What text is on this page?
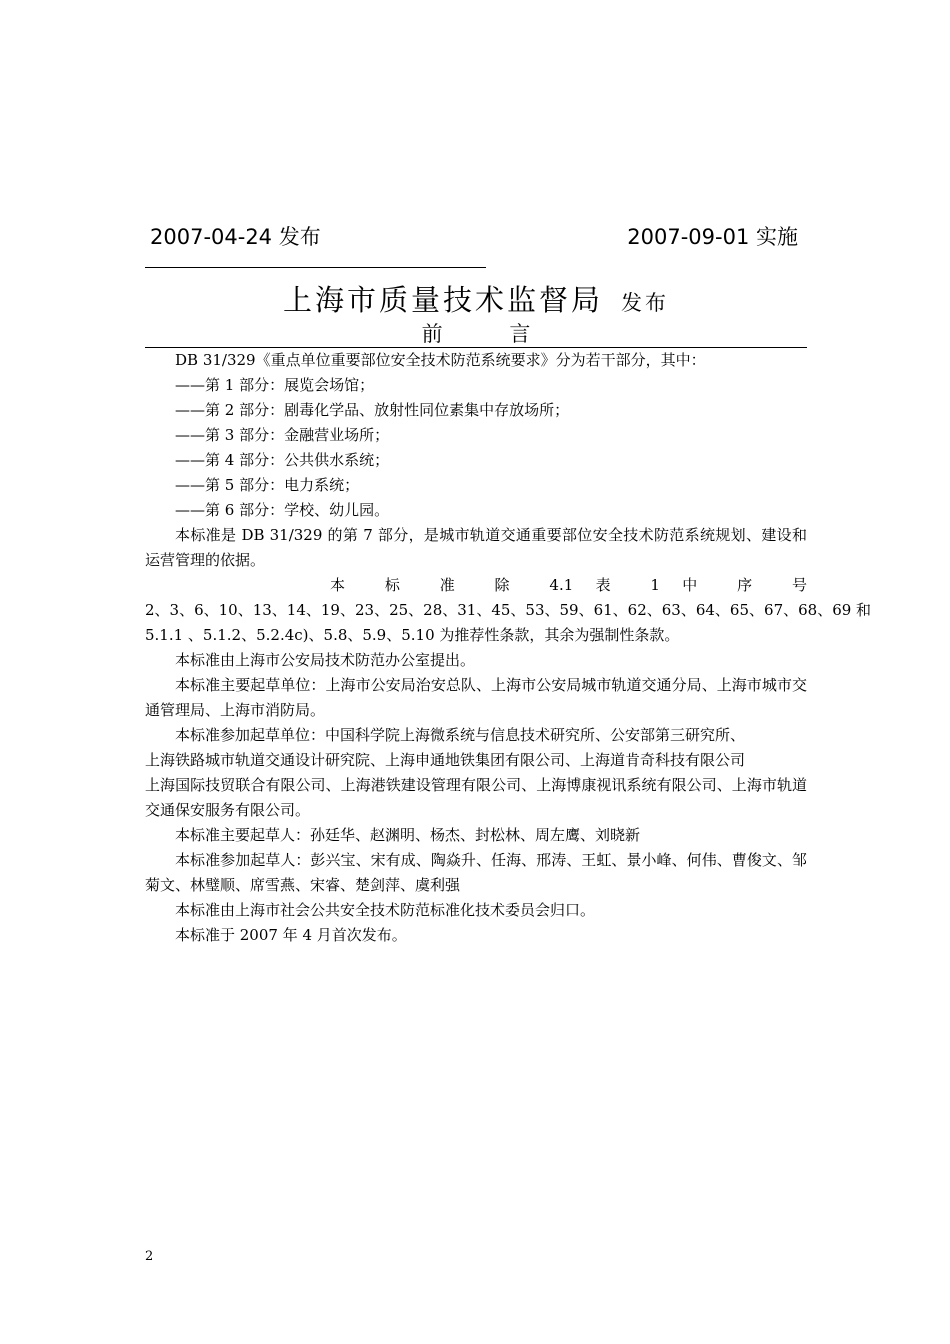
2007-04-24 发布	2007-09-01 实施
上海市质量技术监督局 发布
前 言

DB 31/329《重点单位重要部位安全技术防范系统要求》分为若干部分，其中：

——第 1 部分：展览会场馆；

——第 2 部分：剧毒化学品、放射性同位素集中存放场所；

——第 3 部分：金融营业场所；

——第 4 部分：公共供水系统；

——第 5 部分：电力系统；

——第 6 部分：学校、幼儿园。

本标准是 DB 31/329 的第 7 部分，是城市轨道交通重要部位安全技术防范系统规划、建设和运营管理的依据。

本 标 准 除 4.1 表 1 中 序 号

2、3、6、10、13、14、19、23、25、28、31、45、53、59、61、62、63、64、65、67、68、69 和

5.1.1 、5.1.2、5.2.4c)、5.8、5.9、5.10 为推荐性条款，其余为强制性条款。

本标准由上海市公安局技术防范办公室提出。

本标准主要起草单位：上海市公安局治安总队、上海市公安局城市轨道交通分局、上海市城市交通管理局、上海市消防局。

本标准参加起草单位：中国科学院上海微系统与信息技术研究所、公安部第三研究所、

上海铁路城市轨道交通设计研究院、上海申通地铁集团有限公司、上海道肯奇科技有限公司

上海国际技贸联合有限公司、上海港铁建设管理有限公司、上海博康视讯系统有限公司、上海市轨道交通保安服务有限公司。

本标准主要起草人：孙廷华、赵渊明、杨杰、封松林、周左鹰、刘晓新

本标准参加起草人：彭兴宝、宋有成、陶焱升、任海、邢涛、王虹、景小峰、何伟、曹俊文、邹菊文、林璧顺、席雪燕、宋睿、楚剑萍、虞利强

本标准由上海市社会公共安全技术防范标准化技术委员会归口。

本标准于 2007 年 4 月首次发布。

2
